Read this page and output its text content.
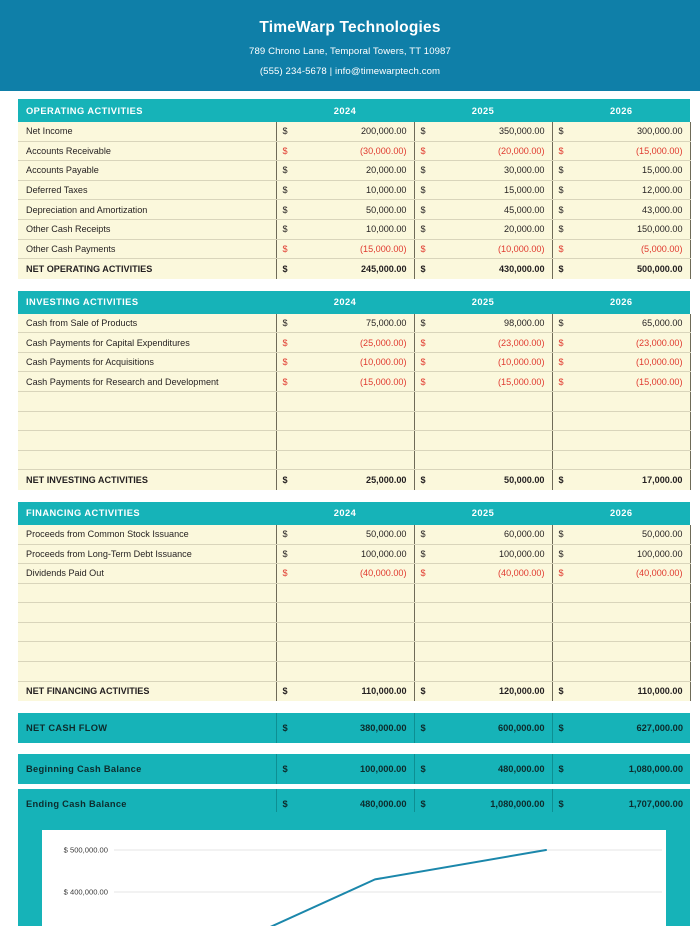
TimeWarp Technologies
789 Chrono Lane, Temporal Towers, TT 10987
(555) 234-5678 | info@timewarptech.com
OPERATING ACTIVITIES	2024	2025	2026
Net Income	$ 200,000.00	$ 350,000.00	$ 300,000.00

Accounts Receivable	$ (30,000.00)	$ (20,000.00)	$ (15,000.00)

Accounts Payable	$ 20,000.00	$ 30,000.00	$ 15,000.00

Deferred Taxes	$ 10,000.00	$ 15,000.00	$ 12,000.00

Depreciation and Amortization	$ 50,000.00	$ 45,000.00	$ 43,000.00

Other Cash Receipts	$ 10,000.00	$ 20,000.00	$ 150,000.00

Other Cash Payments	$ (15,000.00)	$ (10,000.00)	$ (5,000.00)

NET OPERATING ACTIVITIES	$ 245,000.00	$ 430,000.00	$ 500,000.00
INVESTING ACTIVITIES	2024	2025	2026
Cash from Sale of Products	$ 75,000.00	$ 98,000.00	$ 65,000.00

Cash Payments for Capital Expenditures	$ (25,000.00)	$ (23,000.00)	$ (23,000.00)

Cash Payments for Acquisitions	$ (10,000.00)	$ (10,000.00)	$ (10,000.00)

Cash Payments for Research and Development	$ (15,000.00)	$ (15,000.00)	$ (15,000.00)

NET INVESTING ACTIVITIES	$ 25,000.00	$ 50,000.00	$ 17,000.00
FINANCING ACTIVITIES	2024	2025	2026
Proceeds from Common Stock Issuance	$ 50,000.00	$ 60,000.00	$ 50,000.00

Proceeds from Long-Term Debt Issuance	$ 100,000.00	$ 100,000.00	$ 100,000.00

Dividends Paid Out	$ (40,000.00)	$ (40,000.00)	$ (40,000.00)

NET FINANCING ACTIVITIES	$ 110,000.00	$ 120,000.00	$ 110,000.00
NET CASH FLOW	$	380,000.00	$	600,000.00	$	627,000.00
Beginning Cash Balance	$	100,000.00	$	480,000.00	$	1,080,000.00
Ending Cash Balance	$	480,000.00	$	1,080,000.00	$	1,707,000.00
$ 500,000.00
$ 400,000.00
